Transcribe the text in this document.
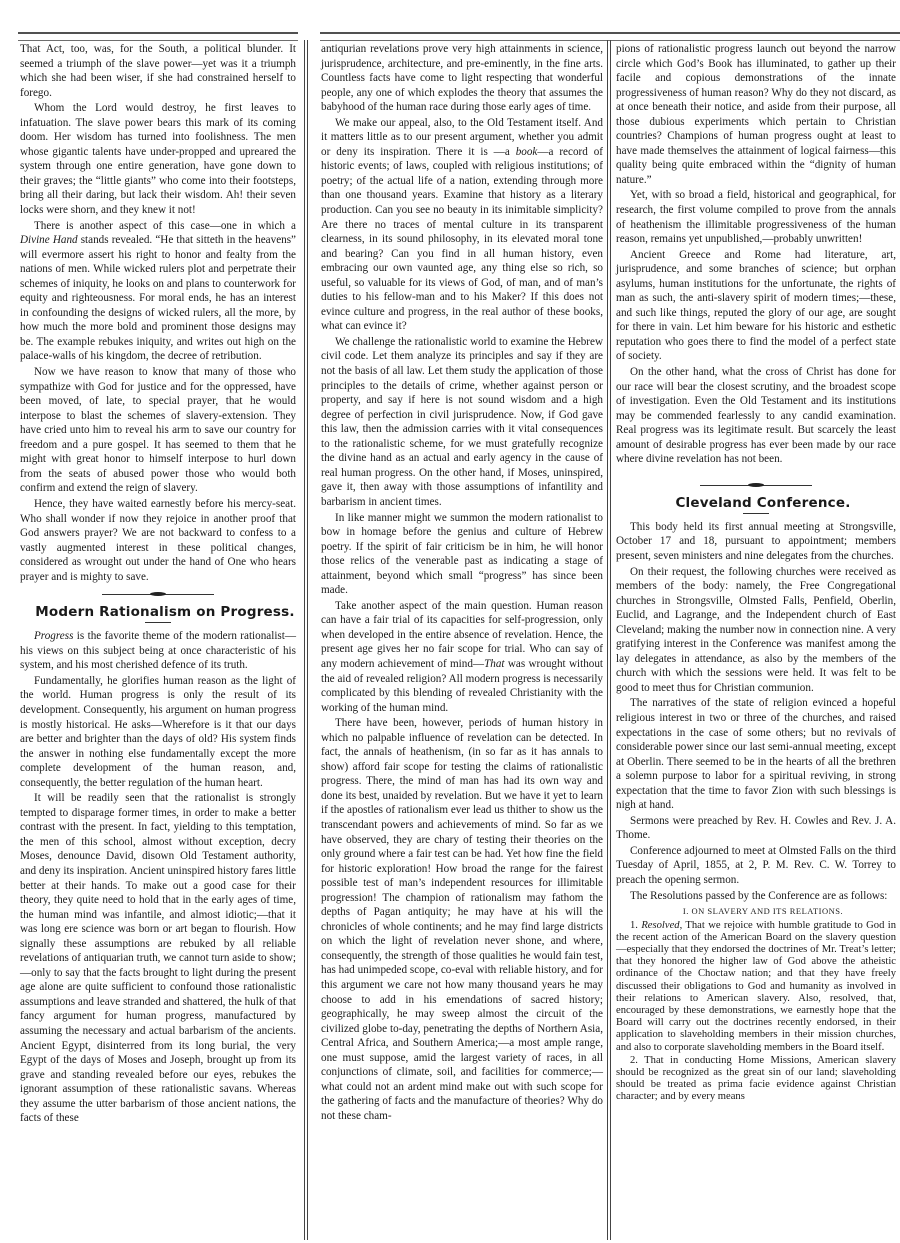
That Act, too, was, for the South, a political blunder. It seemed a triumph of the slave power—yet was it a triumph which she had been wiser, if she had constrained herself to forego.

Whom the Lord would destroy, he first leaves to infatuation. The slave power bears this mark of its coming doom. Her wisdom has turned into foolishness. The men whose gigantic talents have under-propped and upreared the system through one entire generation, have gone down to their graves; the “little giants” who come into their footsteps, bring all their daring, but lack their wisdom. Ah! their seven locks were shorn, and they knew it not!

There is another aspect of this case—one in which a Divine Hand stands revealed. “He that sitteth in the heavens” will evermore assert his right to honor and fealty from the nations of men. While wicked rulers plot and perpetrate their schemes of iniquity, he looks on and plans to counterwork for equity and righteousness. For moral ends, he has an interest in confounding the designs of wicked rulers, all the more, by how much the more bold and prominent those designs may be. The example rebukes iniquity, and writes out high on the palace-walls of his kingdom, the decree of retribution.

Now we have reason to know that many of those who sympathize with God for justice and for the oppressed, have been moved, of late, to special prayer, that he would interpose to blast the schemes of slavery-extension. They have cried unto him to reveal his arm to save our country for freedom and a pure gospel. It has seemed to them that he might with great honor to himself interpose to hurl down from the seats of abused power those who would both confirm and extend the reign of slavery.

Hence, they have waited earnestly before his mercy-seat. Who shall wonder if now they rejoice in another proof that God answers prayer? We are not backward to confess to a vastly augmented interest in these political changes, considered as wrought out under the hand of One who hears prayer and is mighty to save.

Modern Rationalism on Progress.

Progress is the favorite theme of the modern rationalist—his views on this subject being at once characteristic of his system, and his most cherished defence of its truth.

Fundamentally, he glorifies human reason as the light of the world. Human progress is only the result of its development. Consequently, his argument on human progress is mostly historical. He asks—Wherefore is it that our days are better and brighter than the days of old? His system finds the answer in nothing else fundamentally except the more complete development of the human reason, and, consequently, the better regulation of the human heart.

It will be readily seen that the rationalist is strongly tempted to disparage former times, in order to make a better contrast with the present. In fact, yielding to this temptation, the men of this school, almost without exception, decry Moses, denounce David, disown Old Testament authority, and deny its inspiration. Ancient uninspired history fares little better at their hands. To make out a good case for their theory, they quite need to hold that in the early ages of time, the human mind was infantile, and almost idiotic;—that it was long ere science was born or art began to flourish. How signally these assumptions are rebuked by all reliable revelations of antiquarian truth, we cannot turn aside to show;—only to say that the facts brought to light during the present age alone are quite sufficient to confound those rationalistic assumptions and leave stranded and shattered, the hulk of that fancy argument for human progress, manufactured by assuming the necessary and actual barbarism of the ancients. Ancient Egypt, disinterred from its long burial, the very Egypt of the days of Moses and Joseph, brought up from its grave and standing revealed before our eyes, rebukes the ignorant assumption of these rationalistic savans. Whereas they assume the utter barbarism of those ancient nations, the facts of these

antiqurian revelations prove very high attainments in science, jurisprudence, architecture, and pre-eminently, in the fine arts. Countless facts have come to light respecting that wonderful people, any one of which explodes the theory that assumes the babyhood of the human race during those early ages of time.

We make our appeal, also, to the Old Testament itself. And it matters little as to our present argument, whether you admit or deny its inspiration. There it is —a book—a record of historic events; of laws, coupled with religious institutions; of poetry; of the actual life of a nation, extending through more than one thousand years. Examine that history as a literary production. Can you see no beauty in its inimitable simplicity? Are there no traces of mental culture in its transparent clearness, in its sound philosophy, in its elevated moral tone and bearing? Can you find in all human history, even embracing our own vaunted age, any thing else so rich, so useful, so valuable for its views of God, of man, and of man’s duties to his fellow-man and to his Maker? If this does not evince culture and progress, in the real author of these books, what can evince it?

We challenge the rationalistic world to examine the Hebrew civil code. Let them analyze its principles and say if they are not the basis of all law. Let them study the application of those principles to the details of crime, whether against person or property, and say if here is not sound wisdom and a high degree of perfection in civil jurisprudence. Now, if God gave this law, then the admission carries with it vital consequences to the rationalistic scheme, for we must gratefully recognize the divine hand as an actual and early agency in the cause of real human progress. On the other hand, if Moses, uninspired, gave it, then away with those assumptions of infantility and barbarism in ancient times.

In like manner might we summon the modern rationalist to bow in homage before the genius and culture of Hebrew poetry. If the spirit of fair criticism be in him, he will honor those relics of the venerable past as indicating a stage of attainment, beyond which small “progress” has since been made.

Take another aspect of the main question. Human reason can have a fair trial of its capacities for self-progression, only when developed in the entire absence of revelation. Hence, the present age gives her no fair scope for trial. Who can say of any modern achievement of mind—That was wrought without the aid of revealed religion? All modern progress is necessarily complicated by this blending of revealed Christianity with the working of the human mind.

There have been, however, periods of human history in which no palpable influence of revelation can be detected. In fact, the annals of heathenism, (in so far as it has annals to show) afford fair scope for testing the claims of rationalistic progress. There, the mind of man has had its own way and done its best, unaided by revelation. But we have it yet to learn if the apostles of rationalism ever lead us thither to show us the transcendant powers and achievements of mind. So far as we have observed, they are chary of testing their theories on the only ground where a fair test can be had. Yet how fine the field for historic exploration! How broad the range for the fairest possible test of man’s independent resources for illimitable progression! The champion of rationalism may fathom the depths of Pagan antiquity; he may have at his will the chronicles of whole continents; and he may find large districts on which the light of revelation never shone, and where, consequently, the strength of those qualities he would fain test, has had unimpeded scope, co-eval with reliable history, and for this argument we care not how many thousand years he may choose to add in his emendations of sacred history; geographically, he may sweep almost the circuit of the civilized globe to-day, penetrating the depths of Northern Asia, Central Africa, and Southern America;—a most ample range, one must suppose, amid the largest variety of races, in all conjunctions of climate, soil, and facilities for commerce;—what could not an ardent mind make out with such scope for the gathering of facts and the manufacture of theories? Why do not these cham-

pions of rationalistic progress launch out beyond the narrow circle which God’s Book has illuminated, to gather up their facile and copious demonstrations of the innate progressiveness of human reason? Why do they not discard, as at once beneath their notice, and aside from their purpose, all those dubious experiments which pertain to Christian countries? Champions of human progress ought at least to have made themselves the attainment of logical fairness—this quality being quite embraced within the “dignity of human nature.”

Yet, with so broad a field, historical and geographical, for research, the first volume compiled to prove from the annals of heathenism the illimitable progressiveness of the human reason, remains yet unpublished,—probably unwritten!

Ancient Greece and Rome had literature, art, jurisprudence, and some branches of science; but orphan asylums, human institutions for the unfortunate, the rights of man as such, the anti-slavery spirit of modern times;—these, and such like things, reputed the glory of our age, are sought for there in vain. Let him beware for his historic and esthetic reputation who goes there to find the model of a perfect state of society.

On the other hand, what the cross of Christ has done for our race will bear the closest scrutiny, and the broadest scope of investigation. Even the Old Testament and its institutions may be commended fearlessly to any candid examination. Real progress was its legitimate result. But scarcely the least amount of desirable progress has ever been made by our race where divine revelation has not been.

Cleveland Conference.

This body held its first annual meeting at Strongsville, October 17 and 18, pursuant to appointment; members present, seven ministers and nine delegates from the churches.

On their request, the following churches were received as members of the body: namely, the Free Congregational churches in Strongsville, Olmsted Falls, Penfield, Oberlin, Euclid, and Lagrange, and the Independent church of East Cleveland; making the number now in connection nine. A very gratifying interest in the Conference was manifest among the lay delegates in attendance, as also by the members of the church with which the sessions were held. It was felt to be good to meet thus for Christian communion.

The narratives of the state of religion evinced a hopeful religious interest in two or three of the churches, and raised expectations in the case of some others; but no revivals of considerable power since our last semi-annual meeting, except at Oberlin. There seemed to be in the hearts of all the brethren a solemn purpose to labor for a spiritual reviving, in strong expectation that the time to favor Zion with such blessings is nigh at hand.

Sermons were preached by Rev. H. Cowles and Rev. J. A. Thome.

Conference adjourned to meet at Olmsted Falls on the third Tuesday of April, 1855, at 2, P. M. Rev. C. W. Torrey to preach the opening sermon.

The Resolutions passed by the Conference are as follows:

I. ON SLAVERY AND ITS RELATIONS.

1. Resolved, That we rejoice with humble gratitude to God in the recent action of the American Board on the slavery question—especially that they endorsed the doctrines of Mr. Treat’s letter; that they honored the higher law of God above the atheistic ordinance of the Choctaw nation; and that they have freely discussed their obligations to God and humanity as involved in their relations to American slavery. Also, resolved, that, encouraged by these demonstrations, we earnestly hope that the Board will carry out the doctrines recently endorsed, in their application to slaveholding members in their mission churches, and also to corporate slaveholding members in the Board itself.

2. That in conducting Home Missions, American slavery should be recognized as the great sin of our land; slaveholding should be treated as prima facie evidence against Christian character; and by every means
